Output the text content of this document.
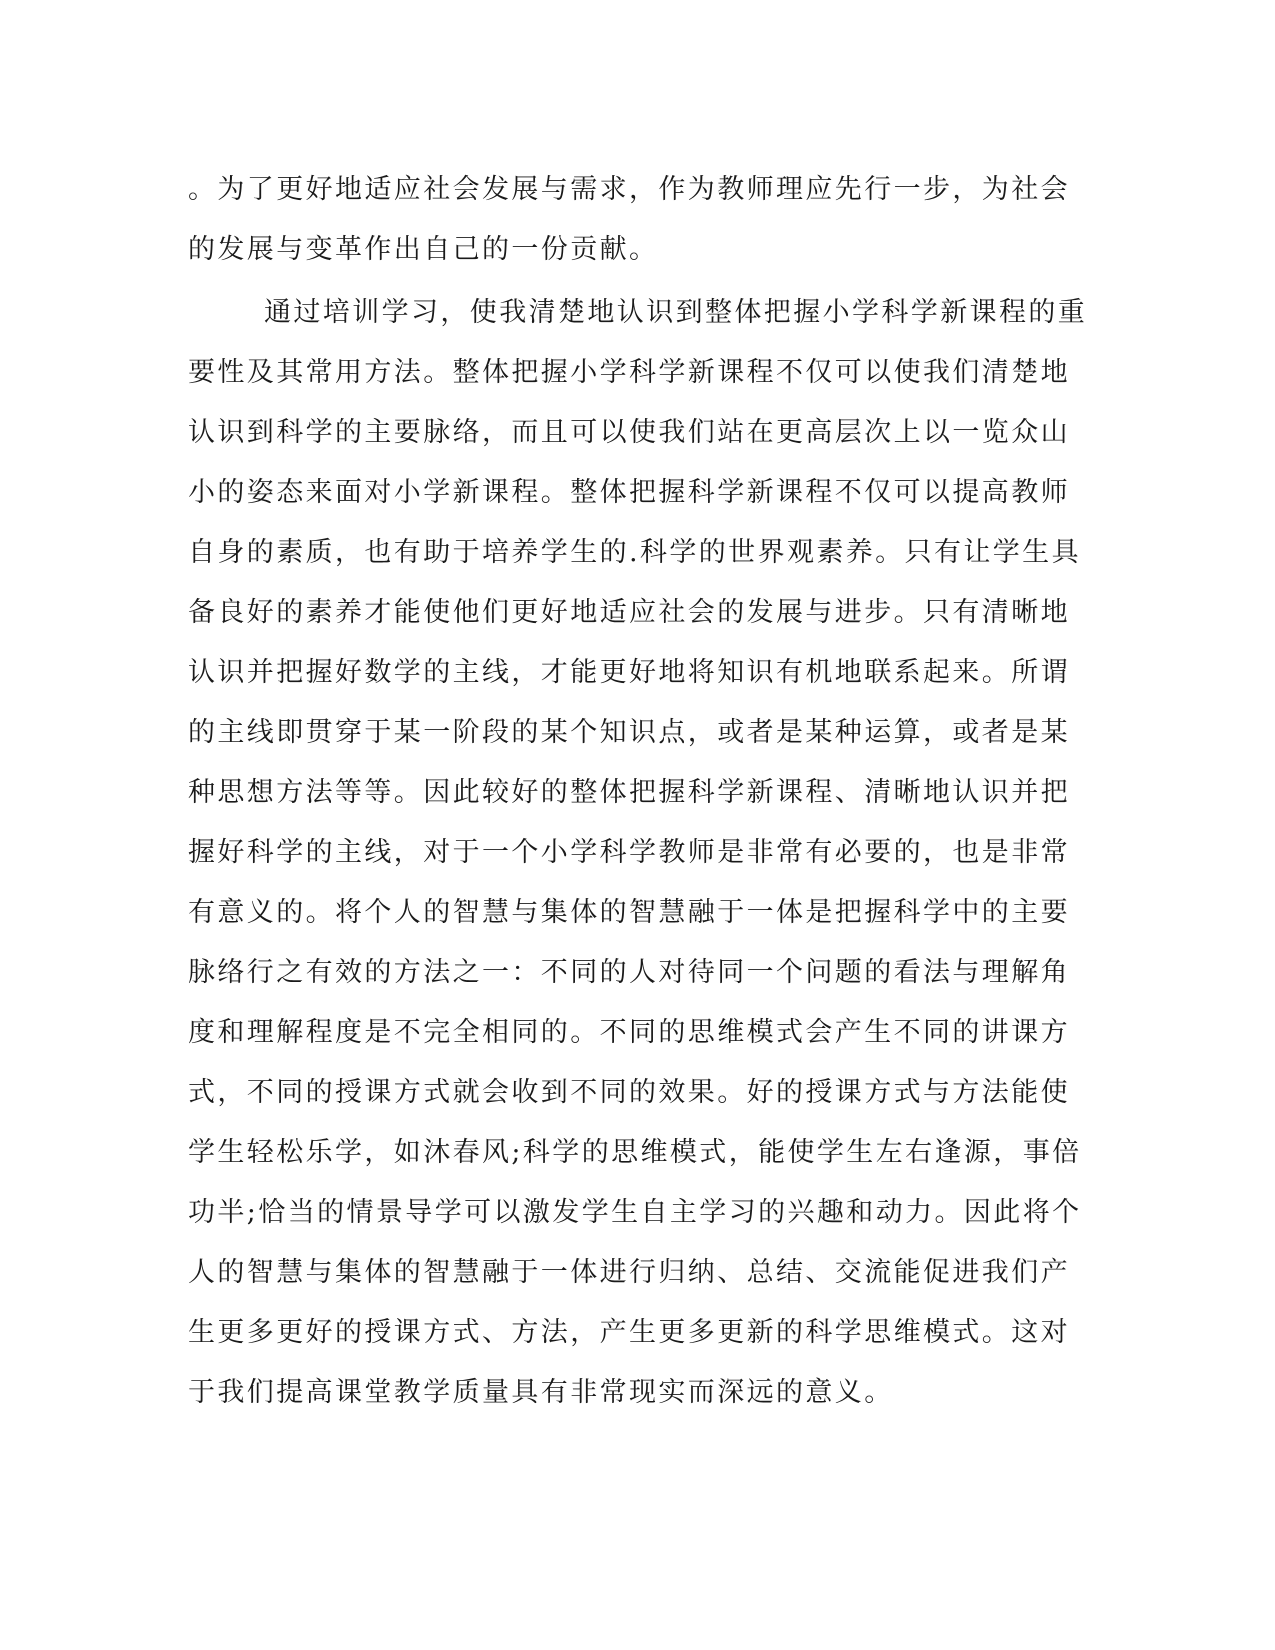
。为了更好地适应社会发展与需求，作为教师理应先行一步，为社会
的发展与变革作出自己的一份贡献。
通过培训学习，使我清楚地认识到整体把握小学科学新课程的重
要性及其常用方法。整体把握小学科学新课程不仅可以使我们清楚地
认识到科学的主要脉络，而且可以使我们站在更高层次上以一览众山
小的姿态来面对小学新课程。整体把握科学新课程不仅可以提高教师
自身的素质，也有助于培养学生的.科学的世界观素养。只有让学生具
备良好的素养才能使他们更好地适应社会的发展与进步。只有清晰地
认识并把握好数学的主线，才能更好地将知识有机地联系起来。所谓
的主线即贯穿于某一阶段的某个知识点，或者是某种运算，或者是某
种思想方法等等。因此较好的整体把握科学新课程、清晰地认识并把
握好科学的主线，对于一个小学科学教师是非常有必要的，也是非常
有意义的。将个人的智慧与集体的智慧融于一体是把握科学中的主要
脉络行之有效的方法之一：不同的人对待同一个问题的看法与理解角
度和理解程度是不完全相同的。不同的思维模式会产生不同的讲课方
式，不同的授课方式就会收到不同的效果。好的授课方式与方法能使
学生轻松乐学，如沐春风;科学的思维模式，能使学生左右逢源，事倍
功半;恰当的情景导学可以激发学生自主学习的兴趣和动力。因此将个
人的智慧与集体的智慧融于一体进行归纳、总结、交流能促进我们产
生更多更好的授课方式、方法，产生更多更新的科学思维模式。这对
于我们提高课堂教学质量具有非常现实而深远的意义。
